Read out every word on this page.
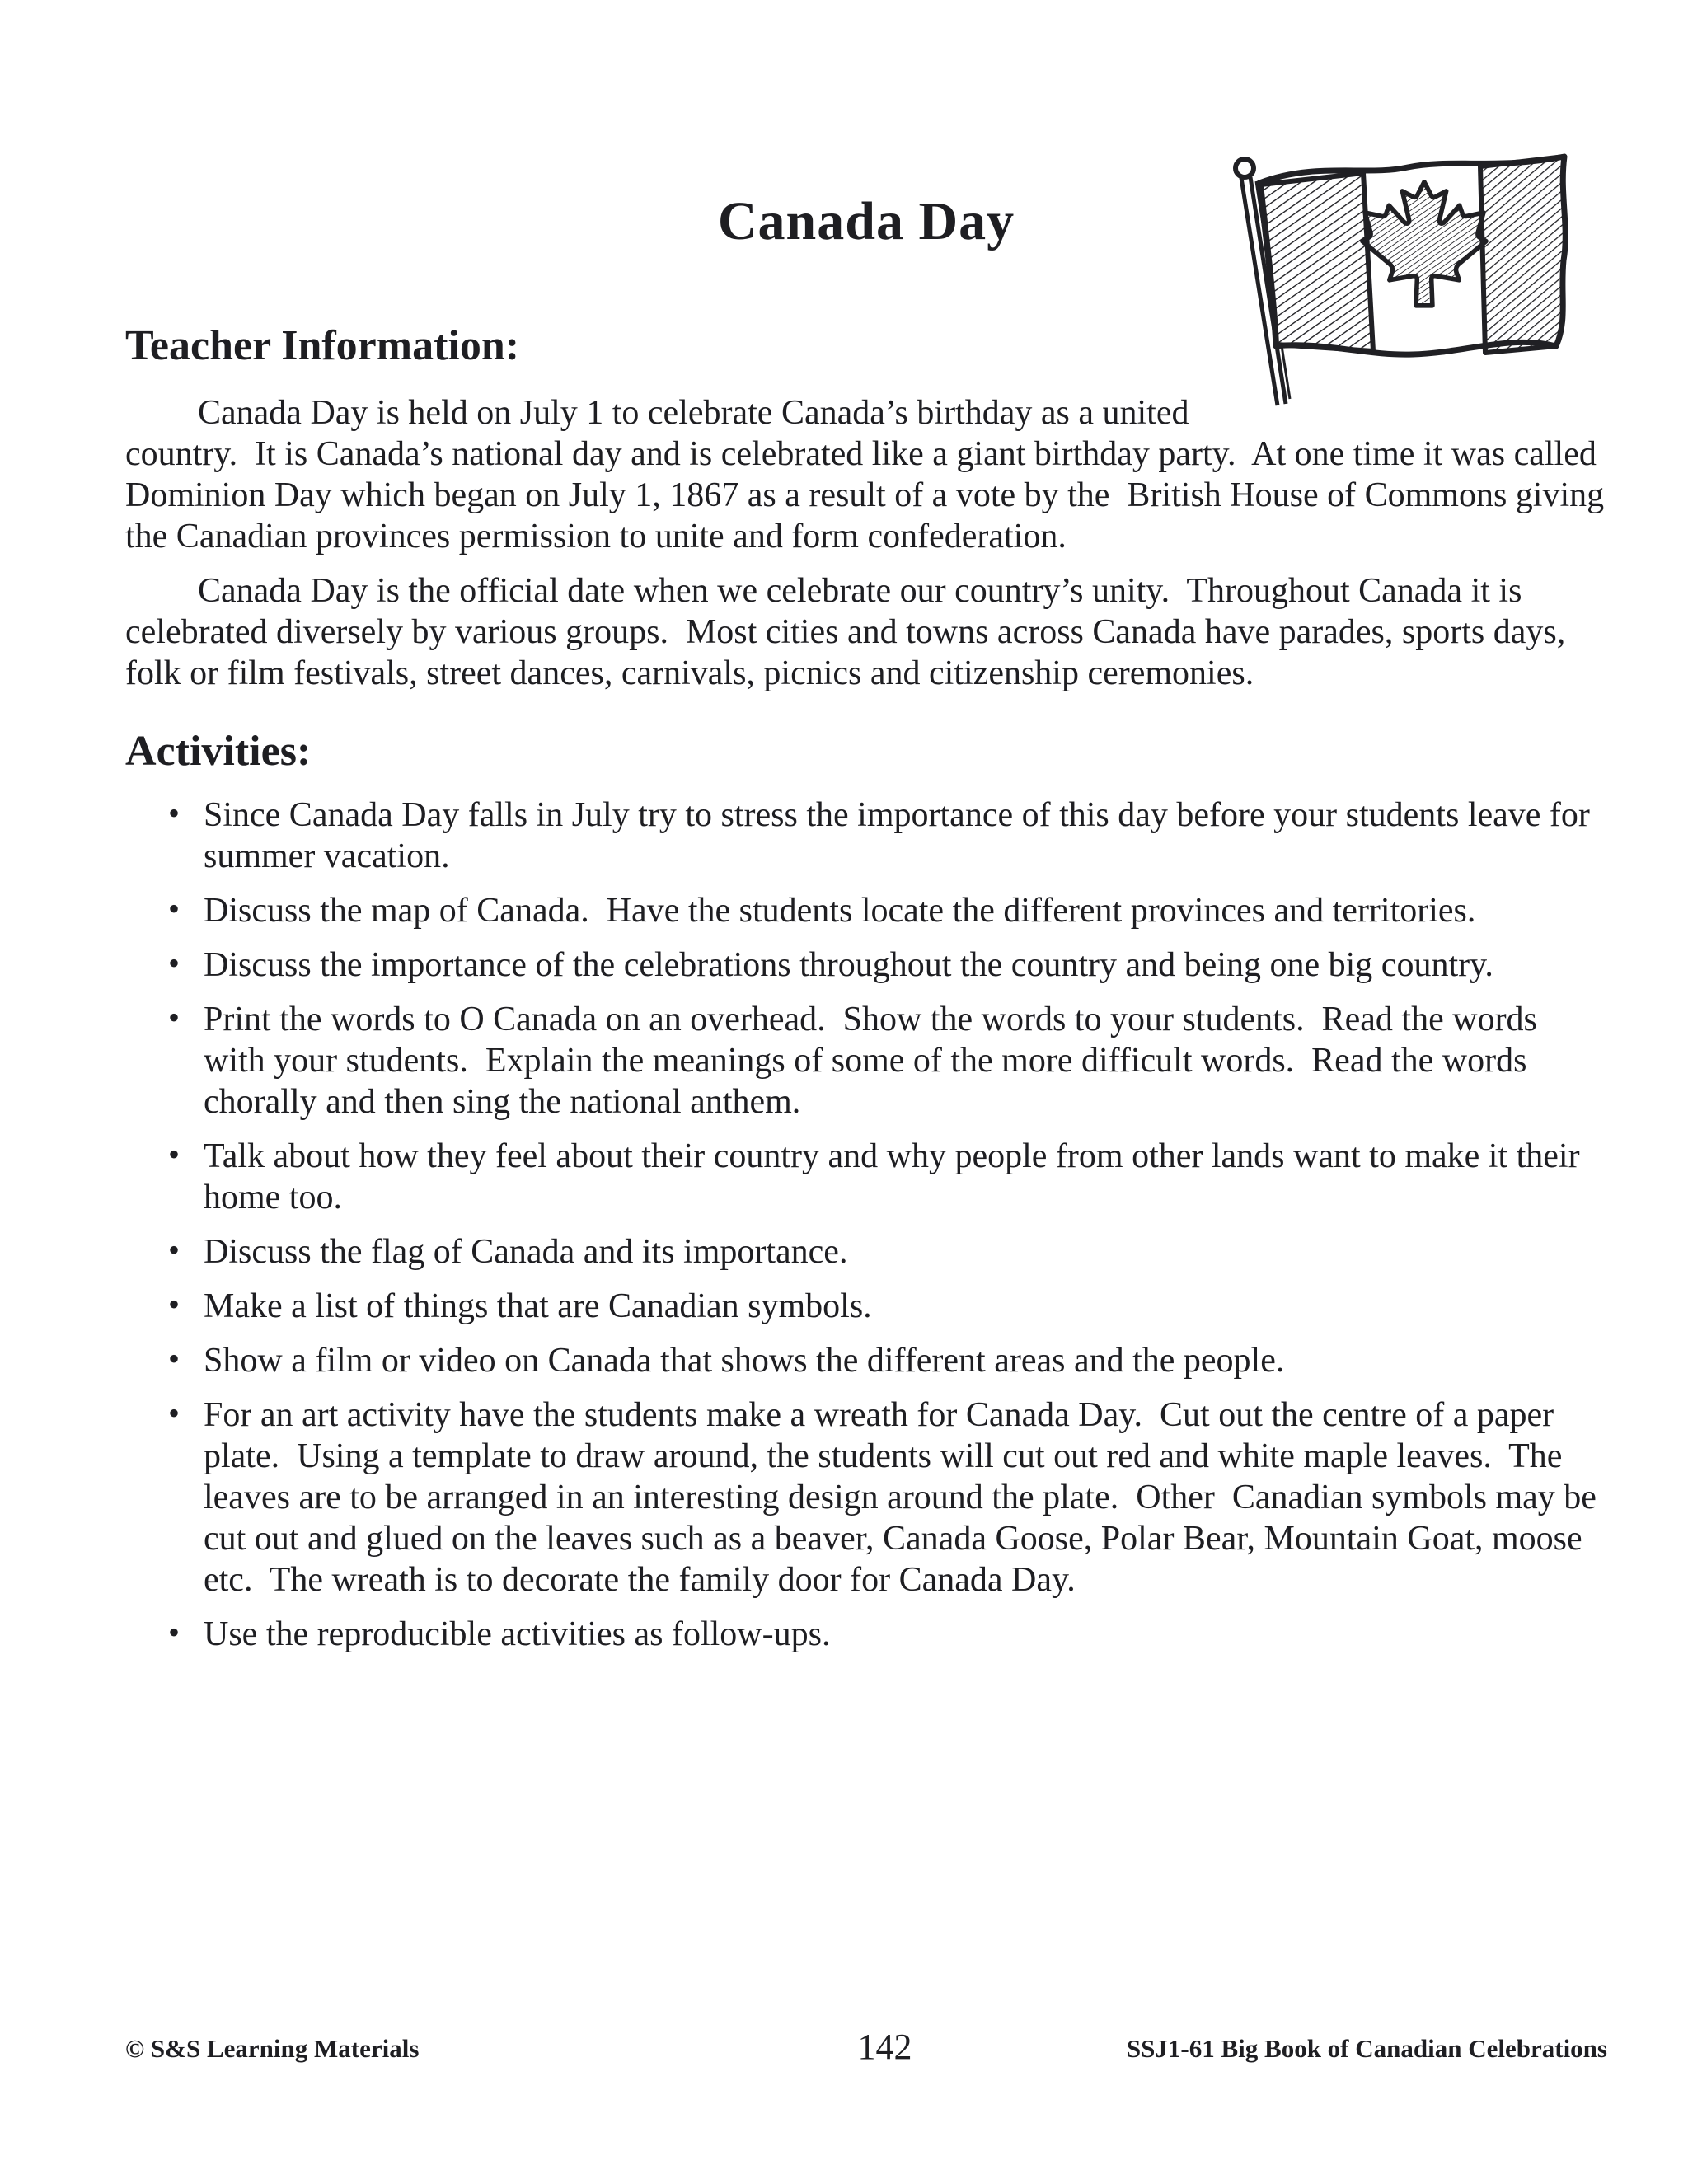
Canada Day
Teacher Information:

Canada Day is held on July 1 to celebrate Canada’s birthday as a united country.  It is Canada’s national day and is celebrated like a giant birthday party.  At one time it was called Dominion Day which began on July 1, 1867 as a result of a vote by the  British House of Commons giving the Canadian provinces permission to unite and form confederation.

Canada Day is the official date when we celebrate our country’s unity.  Throughout Canada it is celebrated diversely by various groups.  Most cities and towns across Canada have parades, sports days, folk or film festivals, street dances, carnivals, picnics and citizenship ceremonies.

Activities:
• Since Canada Day falls in July try to stress the importance of this day before your students leave for summer vacation.
• Discuss the map of Canada.  Have the students locate the different provinces and territories.
• Discuss the importance of the celebrations throughout the country and being one big country.
• Print the words to O Canada on an overhead.  Show the words to your students.  Read the words with your students.  Explain the meanings of some of the more difficult words.  Read the words chorally and then sing the national anthem.
• Talk about how they feel about their country and why people from other lands want to make it their home too.
• Discuss the flag of Canada and its importance.
• Make a list of things that are Canadian symbols.
• Show a film or video on Canada that shows the different areas and the people.
• For an art activity have the students make a wreath for Canada Day.  Cut out the centre of a paper plate.  Using a template to draw around, the students will cut out red and white maple leaves.  The leaves are to be arranged in an interesting design around the plate.  Other  Canadian symbols may be cut out and glued on the leaves such as a beaver, Canada Goose, Polar Bear, Mountain Goat, moose etc.  The wreath is to decorate the family door for Canada Day.
• Use the reproducible activities as follow-ups.
© S&S Learning Materials	142	SSJ1-61 Big Book of Canadian Celebrations
